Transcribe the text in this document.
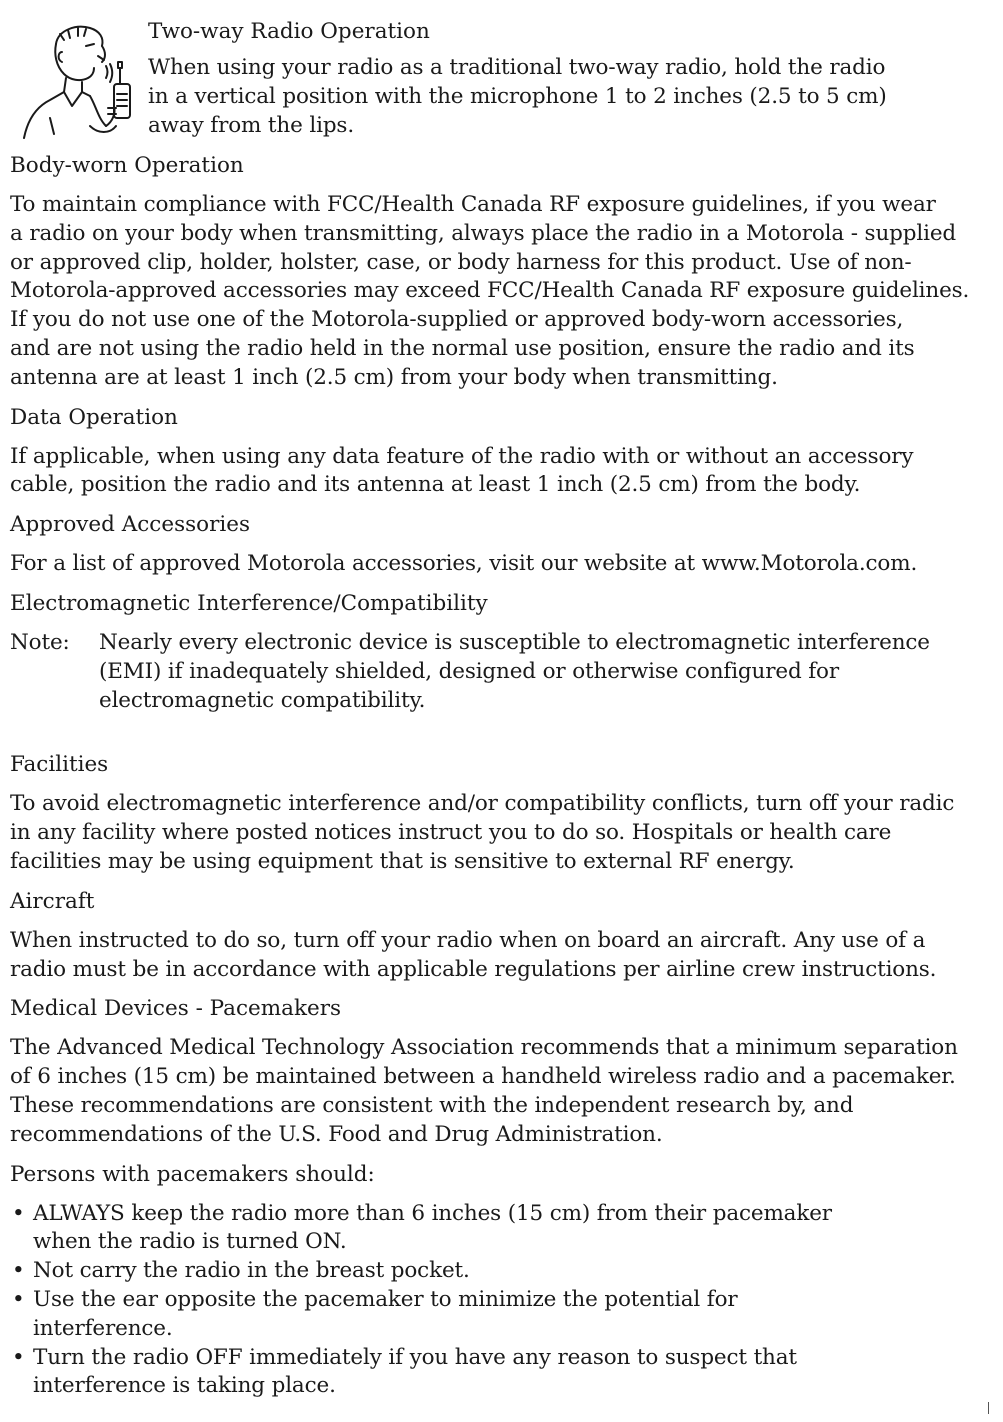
Two-way Radio Operation
When using your radio as a traditional two-way radio, hold the radio
in a vertical position with the microphone 1 to 2 inches (2.5 to 5 cm)
away from the lips.
Body-worn Operation
To maintain compliance with FCC/Health Canada RF exposure guidelines, if you wear
a radio on your body when transmitting, always place the radio in a Motorola - supplied
or approved clip, holder, holster, case, or body harness for this product. Use of non-
Motorola-approved accessories may exceed FCC/Health Canada RF exposure guidelines.
If you do not use one of the Motorola-supplied or approved body-worn accessories,
and are not using the radio held in the normal use position, ensure the radio and its
antenna are at least 1 inch (2.5 cm) from your body when transmitting.
Data Operation
If applicable, when using any data feature of the radio with or without an accessory
cable, position the radio and its antenna at least 1 inch (2.5 cm) from the body.
Approved Accessories
For a list of approved Motorola accessories, visit our website at www.Motorola.com.
Electromagnetic Interference/Compatibility
Note:	Nearly every electronic device is susceptible to electromagnetic interference
(EMI) if inadequately shielded, designed or otherwise configured for
electromagnetic compatibility.
Facilities
To avoid electromagnetic interference and/or compatibility conflicts, turn off your radic
in any facility where posted notices instruct you to do so. Hospitals or health care
facilities may be using equipment that is sensitive to external RF energy.
Aircraft
When instructed to do so, turn off your radio when on board an aircraft. Any use of a
radio must be in accordance with applicable regulations per airline crew instructions.
Medical Devices - Pacemakers
The Advanced Medical Technology Association recommends that a minimum separation
of 6 inches (15 cm) be maintained between a handheld wireless radio and a pacemaker.
These recommendations are consistent with the independent research by, and
recommendations of the U.S. Food and Drug Administration.
Persons with pacemakers should:
• ALWAYS keep the radio more than 6 inches (15 cm) from their pacemaker
when the radio is turned ON.
• Not carry the radio in the breast pocket.
• Use the ear opposite the pacemaker to minimize the potential for
interference.
• Turn the radio OFF immediately if you have any reason to suspect that
interference is taking place.
